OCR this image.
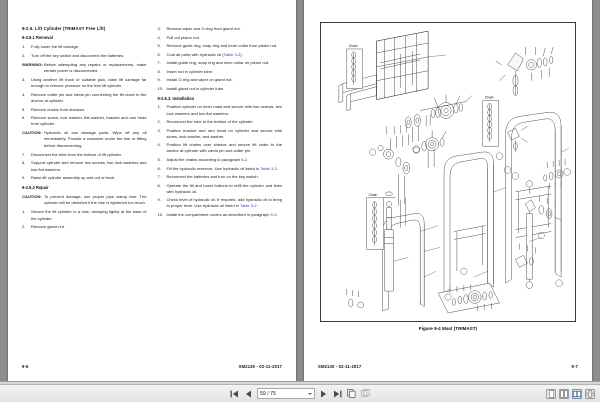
9-2.5. Lift Cylinder (TRIMAST Free Lift)
9-2.5.1 Removal
1.	Fully lower the lift carriage.
2.	Turn off the key switch and disconnect the batteries.
WARNING: Before attempting any repairs or replacements, make certain power is disconnected.
3.	Using another lift truck or suitable jack, raise lift carriage far enough to remove pressure on the free lift cylinder
4.	Remove cotter pin and clevis pin connecting the lift chain to the anchor at cylinder.
5.	Remove chains from sheaves.
6.	Remove screw, lock washer, flat washer, bracket and ram head from cylinder.
CAUTION: Hydraulic oil can damage parts. Wipe off any oil immediately. Provide a container under the line or fitting before disconnecting.
7.	Disconnect the tube from the bottom of lift cylinder.
8.	Support cylinder and remove two screws, two lock washers and two flat washers.
9.	Raise lift cylinder assembly up and out of truck.
9-2.5.2 Repair
CAUTION: To prevent damage, use proper pipe clamp vise. The cylinder will be distorted if the vise is tightened too much.
1.	Secure the lift cylinder in a vise, clamping lightly at the base of the cylinder.
2.	Remove gland nut.
3.	Remove wiper and O-ring from gland nut.
4.	Pull out piston rod.
5.	Remove guide ring, snap ring and inner collar from piston rod.
6.	Coat all parts with hydraulic oil (Table 3-2).
7.	Install guide ring, snap ring and inner collar on piston rod.
8.	Insert rod in cylinder tube.
9.	Install O-ring and wiper on gland nut.
10. Install gland nut in cylinder tube.
9-2.5.3. Installation
1.	Position cylinder on inner mast and secure with two screws, two lock washers and two flat washers.
2.	Reconnect the tube to the bottom of the cylinder.
3.	Position bracket and ram head on cylinder and secure with screw, lock washer, and washer.
4.	Position lift chains over sheave and secure lift chain to the anchor at cylinder with clevis pin and cotter pin.
5.	Adjust the chains according to paragraph 6-2.
6.	Fill the hydraulic reservoir. Use hydraulic oil listed in Table 3-2.
7.	Reconnect the batteries and turn on the key-switch.
8.	Operate the lift and lower buttons to refill the cylinder and lines with hydraulic oil.
9.	Check level of hydraulic oil. If required, add hydraulic oil to bring to proper level. Use hydraulic oil listed in Table 3-2.
10. Install the compartment covers as described in paragraph 5-3.
9-6	SM2130 - 02-11-2017
Chain
Chain
Chain
Figure 9-4 Mast (TRIMAST)
SM2130 - 02-11-2017	9-7
59 / 75
